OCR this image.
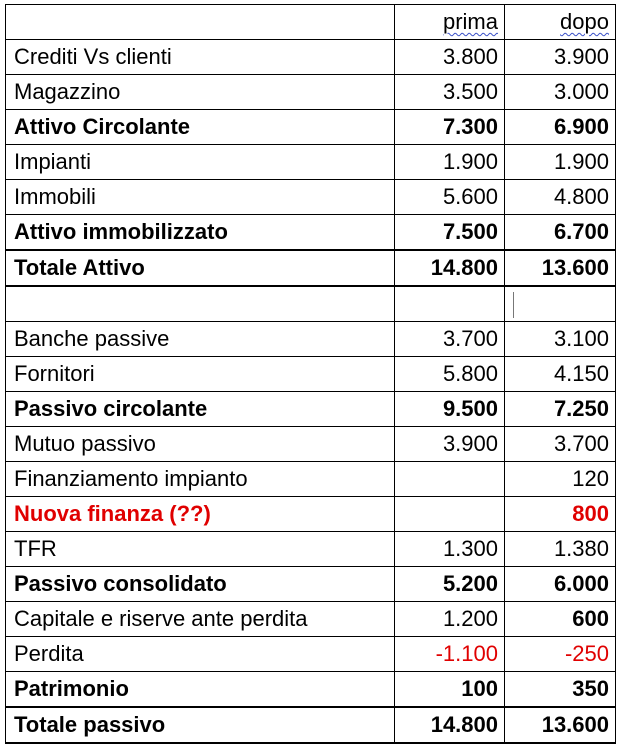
	prima	dopo
Crediti Vs clienti	3.800	3.900
Magazzino	3.500	3.000
Attivo Circolante	7.300	6.900
Impianti	1.900	1.900
Immobili	5.600	4.800
Attivo immobilizzato	7.500	6.700
Totale Attivo	14.800	13.600

Banche passive	3.700	3.100
Fornitori	5.800	4.150
Passivo circolante	9.500	7.250
Mutuo passivo	3.900	3.700
Finanziamento impianto		120
Nuova finanza (??)		800
TFR	1.300	1.380
Passivo consolidato	5.200	6.000
Capitale e riserve ante perdita	1.200	600
Perdita	-1.100	-250
Patrimonio	100	350
Totale passivo	14.800	13.600
